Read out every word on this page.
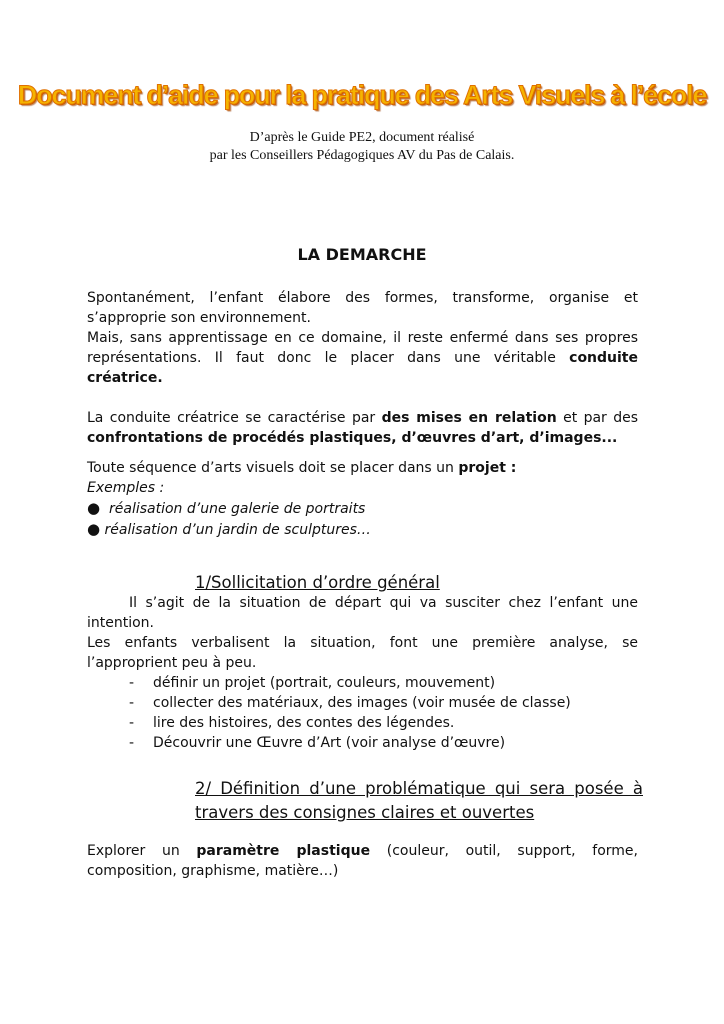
Document d’aide pour la pratique des Arts Visuels à l’école
D’après le Guide PE2, document réalisé
par les Conseillers Pédagogiques AV du Pas de Calais.
LA DEMARCHE

Spontanément, l’enfant élabore des formes, transforme, organise et s’approprie son environnement.

Mais, sans apprentissage en ce domaine, il reste enfermé dans ses propres représentations. Il faut donc le placer dans une véritable conduite créatrice.

La conduite créatrice se caractérise par des mises en relation et par des confrontations de procédés plastiques, d’œuvres d’art, d’images...

Toute séquence d’arts visuels doit se placer dans un projet :

Exemples :

● réalisation d’une galerie de portraits

● réalisation d’un jardin de sculptures…

1/Sollicitation d’ordre général

Il s’agit de la situation de départ qui va susciter chez l’enfant une intention.

Les enfants verbalisent la situation, font une première analyse, se l’approprient peu à peu.

- définir un projet (portrait, couleurs, mouvement)
- collecter des matériaux, des images (voir musée de classe)
- lire des histoires, des contes des légendes.
- Découvrir une Œuvre d’Art (voir analyse d’œuvre)
2/ Définition d’une problématique qui sera posée à
travers des consignes claires et ouvertes

Explorer un paramètre plastique (couleur, outil, support, forme, composition, graphisme, matière…)
